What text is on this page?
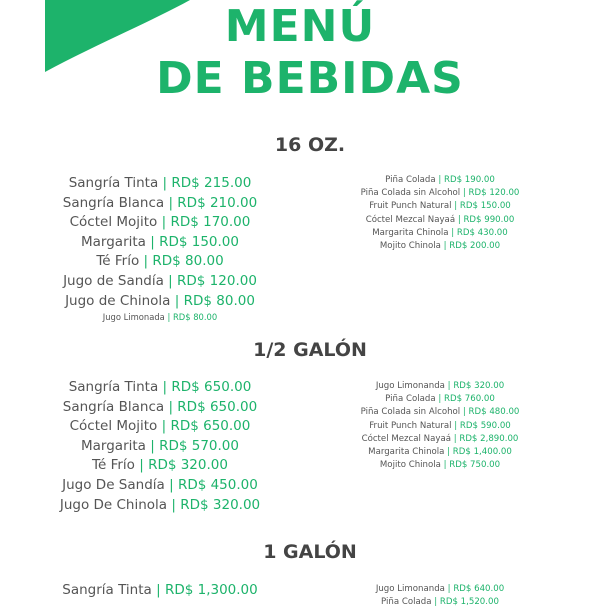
MENÚ
DE BEBIDAS
16 OZ.
Sangría Tinta | RD$ 215.00
Sangría Blanca | RD$ 210.00
Cóctel Mojito | RD$ 170.00
Margarita | RD$ 150.00
Té Frío | RD$ 80.00
Jugo de Sandía | RD$ 120.00
Jugo de Chinola | RD$ 80.00
Jugo Limonada | RD$ 80.00
Piña Colada | RD$ 190.00
Piña Colada sin Alcohol | RD$ 120.00
Fruit Punch Natural | RD$ 150.00
Cóctel Mezcal Nayaá | RD$ 990.00
Margarita Chinola | RD$ 430.00
Mojito Chinola | RD$ 200.00
1/2 GALÓN
Sangría Tinta | RD$ 650.00
Sangría Blanca | RD$ 650.00
Cóctel Mojito | RD$ 650.00
Margarita | RD$ 570.00
Té Frío | RD$ 320.00
Jugo De Sandía | RD$ 450.00
Jugo De Chinola | RD$ 320.00
Jugo Limonanda | RD$ 320.00
Piña Colada | RD$ 760.00
Piña Colada sin Alcohol | RD$ 480.00
Fruit Punch Natural | RD$ 590.00
Cóctel Mezcal Nayaá | RD$ 2,890.00
Margarita Chinola | RD$ 1,400.00
Mojito Chinola | RD$ 750.00
1 GALÓN
Sangría Tinta | RD$ 1,300.00	Jugo Limonanda | RD$ 640.00
Piña Colada | RD$ 1,520.00
